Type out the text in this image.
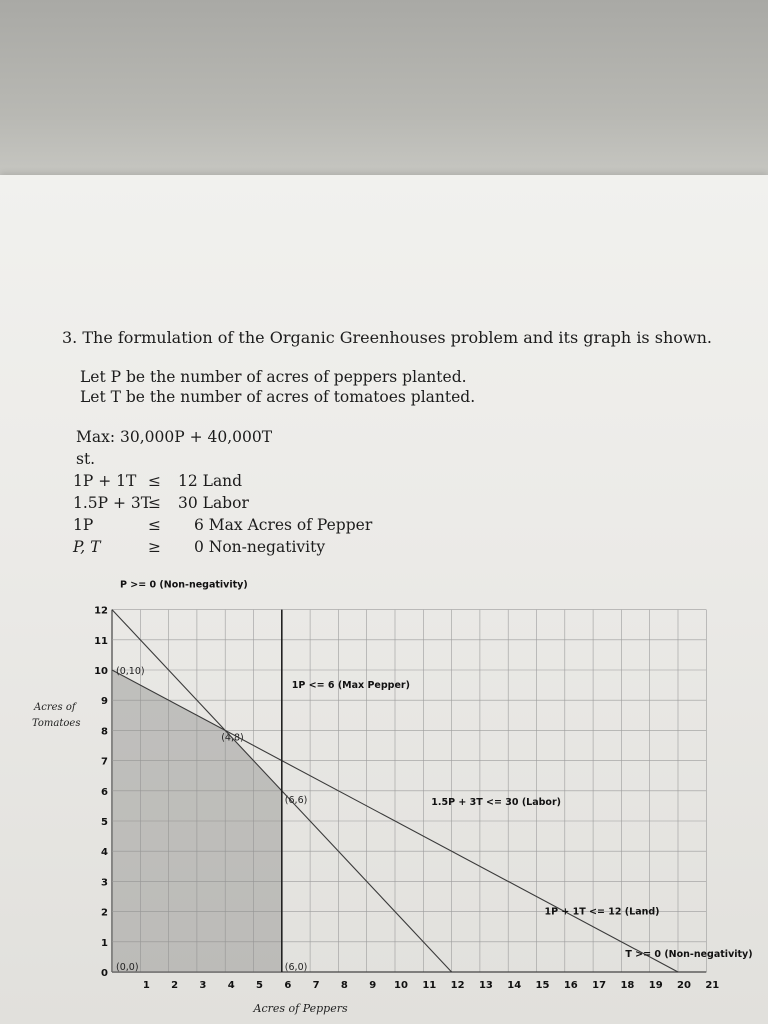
3. The formulation of the Organic Greenhouses problem and its graph is shown.
Let P be the number of acres of peppers planted.
Let T be the number of acres of tomatoes planted.
Max: 30,000P + 40,000T
st.
1P + 1T ≤ 12 Land
1.5P + 3T
≤ 30 Labor
1P	≤ 6 Max Acres of Pepper
P, T	≥ 0 Non-negativity
1 2 3 4 5 6 7 8 9 10 11 12 13 14 15 16 17 18 19 20 21
0
1
2
3
4
5
6
7
8
9
10
11
12
P >= 0 (Non-negativity)
1P <= 6 (Max Pepper)
1.5P + 3T <= 30 (Labor)
1P + 1T <= 12 (Land)
T >= 0 (Non-negativity)
(0,10)
(4,8)
(6,6)
(6,0)
(0,0)
Acres of Peppers
Acres of
Tomatoes
